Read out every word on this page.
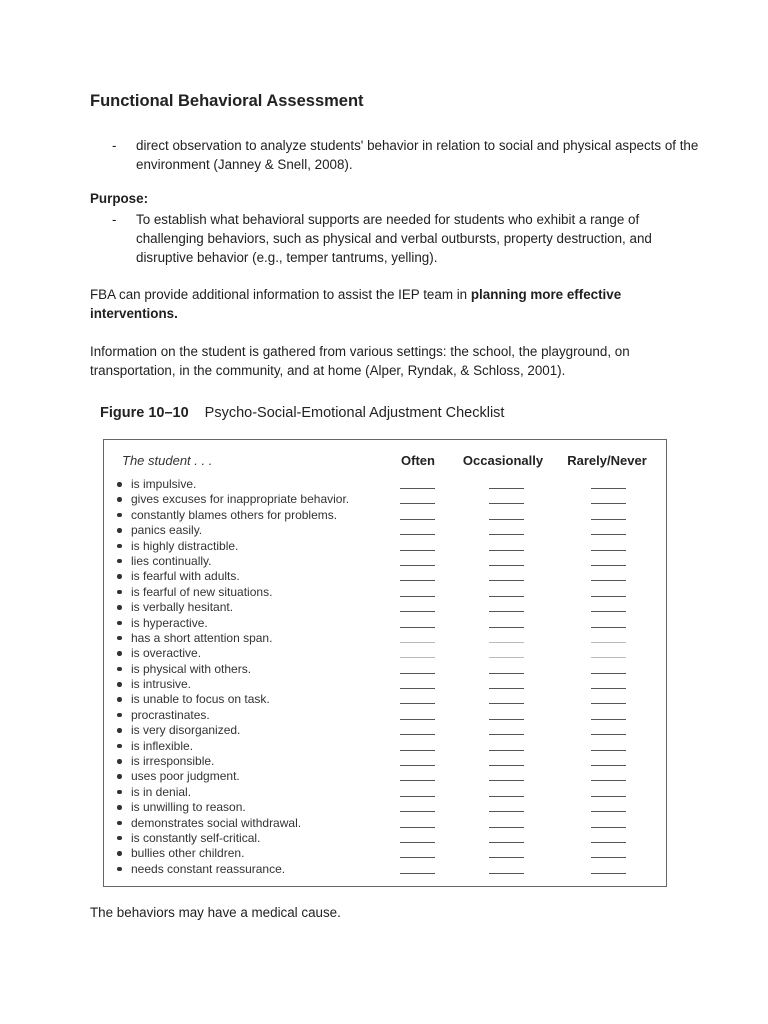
Functional Behavioral Assessment
- direct observation to analyze students' behavior in relation to social and physical aspects of the environment (Janney & Snell, 2008).
Purpose:
- To establish what behavioral supports are needed for students who exhibit a range of challenging behaviors, such as physical and verbal outbursts, property destruction, and disruptive behavior (e.g., temper tantrums, yelling).
FBA can provide additional information to assist the IEP team in planning more effective interventions.
Information on the student is gathered from various settings: the school, the playground, on transportation, in the community, and at home (Alper, Ryndak, & Schloss, 2001).
Figure 10–10 Psycho-Social-Emotional Adjustment Checklist
The student . . .	Often	Occasionally	Rarely/Never
is impulsive.
gives excuses for inappropriate behavior.
constantly blames others for problems.
panics easily.
is highly distractible.
lies continually.
is fearful with adults.
is fearful of new situations.
is verbally hesitant.
is hyperactive.
has a short attention span.
is overactive.
is physical with others.
is intrusive.
is unable to focus on task.
procrastinates.
is very disorganized.
is inflexible.
is irresponsible.
uses poor judgment.
is in denial.
is unwilling to reason.
demonstrates social withdrawal.
is constantly self-critical.
bullies other children.
needs constant reassurance.
The behaviors may have a medical cause.
